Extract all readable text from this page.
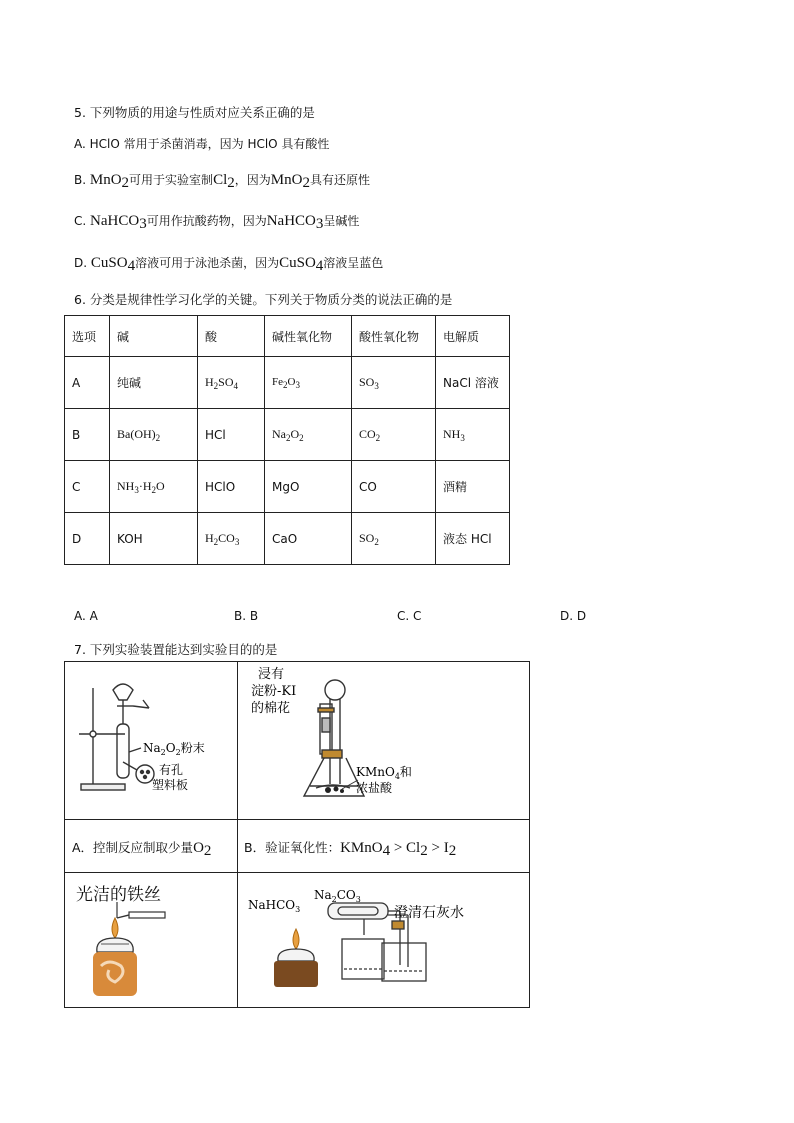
5. 下列物质的用途与性质对应关系正确的是
A. HClO 常用于杀菌消毒，因为 HClO 具有酸性
B. MnO$_2$可用于实验室制$Cl_2$，因为MnO$_2$具有还原性
C. NaHCO$_3$可用作抗酸药物，因为NaHCO$_3$呈碱性
D. CuSO$_4$溶液可用于泳池杀菌，因为CuSO$_4$溶液呈蓝色
6. 分类是规律性学习化学的关键。下列关于物质分类的说法正确的是
选项	碱	酸	碱性氧化物	酸性氧化物	电解质
A	纯碱	$H_2SO_4$	$Fe_2O_3$	$SO_3$	NaCl 溶液
B	$Ba(OH)_2$	HCl	$Na_2O_2$	$CO_2$	$NH_3$
C	$NH_3\cdot H_2O$	HClO	MgO	CO	酒精
D	KOH	$H_2CO_3$	CaO	$SO_2$	液态 HCl
A. A	B. B	C. C	D. D
7. 下列实验装置能达到实验目的的是
$Na_2O_2$粉末
有孔
塑料板
浸有
淀粉-KI
的棉花
KMnO$_4$和
浓盐酸
A．控制反应制取少量$O_2$	B．验证氧化性：KMnO$_4$ > $Cl_2 > I_2$
光洁的铁丝	NaHCO$_3$
$Na_2CO_3$
澄清石灰水
